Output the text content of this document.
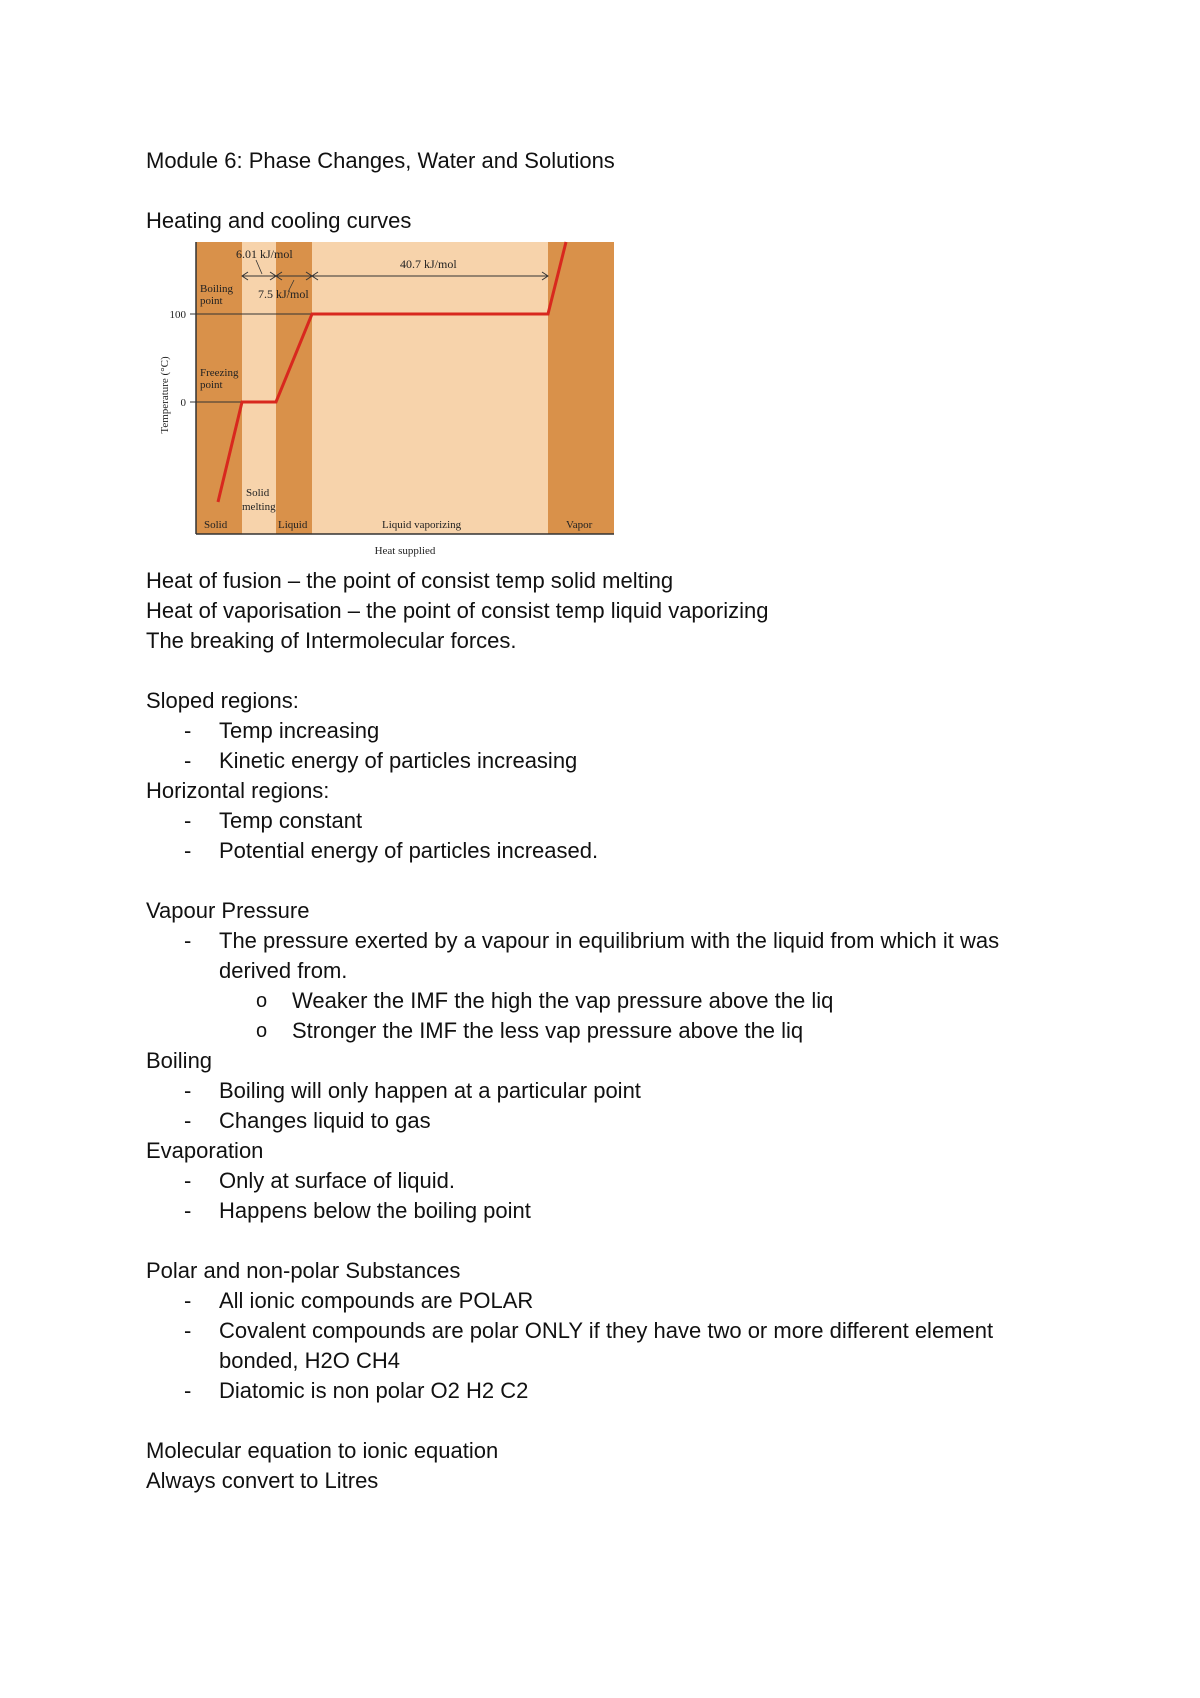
Module 6: Phase Changes, Water and Solutions
Heating and cooling curves
6.01 kJ/mol
7.5 kJ/mol
40.7 kJ/mol
Boiling
point
Freezing
point
100
0
Temperature (°C)
Heat supplied
Solid
Solid
melting
Liquid	Liquid vaporizing	Vapor
Heat of fusion – the point of consist temp solid melting
Heat of vaporisation – the point of consist temp liquid vaporizing
The breaking of Intermolecular forces.
Sloped regions:
- Temp increasing
- Kinetic energy of particles increasing
Horizontal regions:
- Temp constant
- Potential energy of particles increased.
Vapour Pressure
- The pressure exerted by a vapour in equilibrium with the liquid from which it was derived from.
o Weaker the IMF the high the vap pressure above the liq
o Stronger the IMF the less vap pressure above the liq
Boiling
- Boiling will only happen at a particular point
- Changes liquid to gas
Evaporation
- Only at surface of liquid.
- Happens below the boiling point
Polar and non-polar Substances
- All ionic compounds are POLAR
- Covalent compounds are polar ONLY if they have two or more different element bonded, H2O CH4
- Diatomic is non polar O2 H2 C2
Molecular equation to ionic equation
Always convert to Litres
